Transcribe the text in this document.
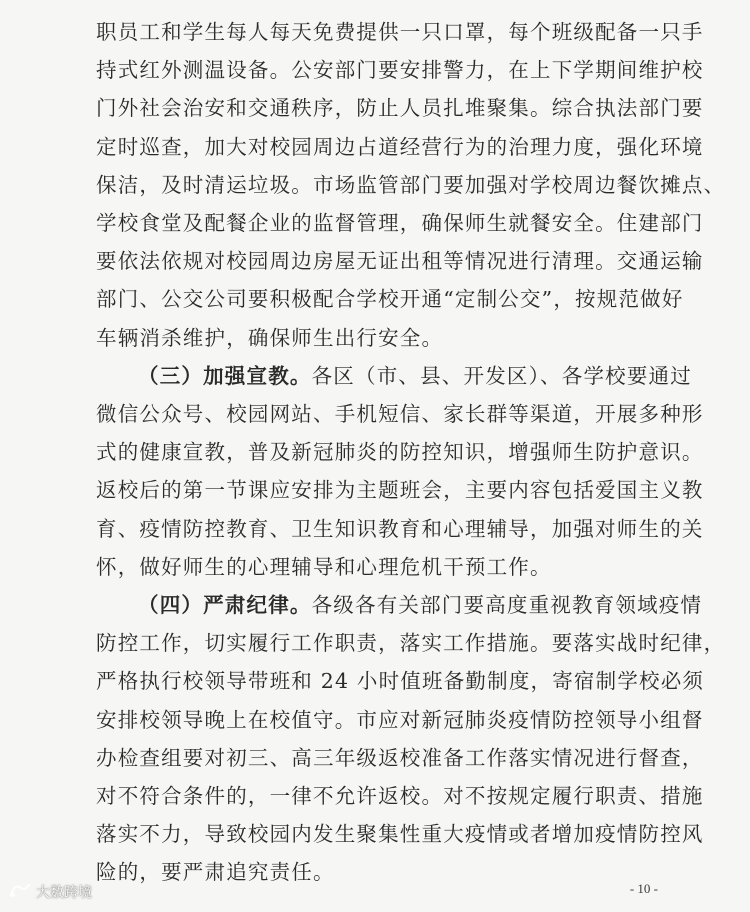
职员工和学生每人每天免费提供一只口罩，每个班级配备一只手
持式红外测温设备。公安部门要安排警力，在上下学期间维护校
门外社会治安和交通秩序，防止人员扎堆聚集。综合执法部门要
定时巡查，加大对校园周边占道经营行为的治理力度，强化环境
保洁，及时清运垃圾。市场监管部门要加强对学校周边餐饮摊点、
学校食堂及配餐企业的监督管理，确保师生就餐安全。住建部门
要依法依规对校园周边房屋无证出租等情况进行清理。交通运输
部门、公交公司要积极配合学校开通“定制公交”，按规范做好
车辆消杀维护，确保师生出行安全。
（三）加强宣教。各区（市、县、开发区）、各学校要通过
微信公众号、校园网站、手机短信、家长群等渠道，开展多种形
式的健康宣教，普及新冠肺炎的防控知识，增强师生防护意识。
返校后的第一节课应安排为主题班会，主要内容包括爱国主义教
育、疫情防控教育、卫生知识教育和心理辅导，加强对师生的关
怀，做好师生的心理辅导和心理危机干预工作。
（四）严肃纪律。各级各有关部门要高度重视教育领域疫情
防控工作，切实履行工作职责，落实工作措施。要落实战时纪律，
严格执行校领导带班和 24 小时值班备勤制度，寄宿制学校必须
安排校领导晚上在校值守。市应对新冠肺炎疫情防控领导小组督
办检查组要对初三、高三年级返校准备工作落实情况进行督查，
对不符合条件的，一律不允许返校。对不按规定履行职责、措施
落实不力，导致校园内发生聚集性重大疫情或者增加疫情防控风
险的，要严肃追究责任。
- 10 -
大数跨境
